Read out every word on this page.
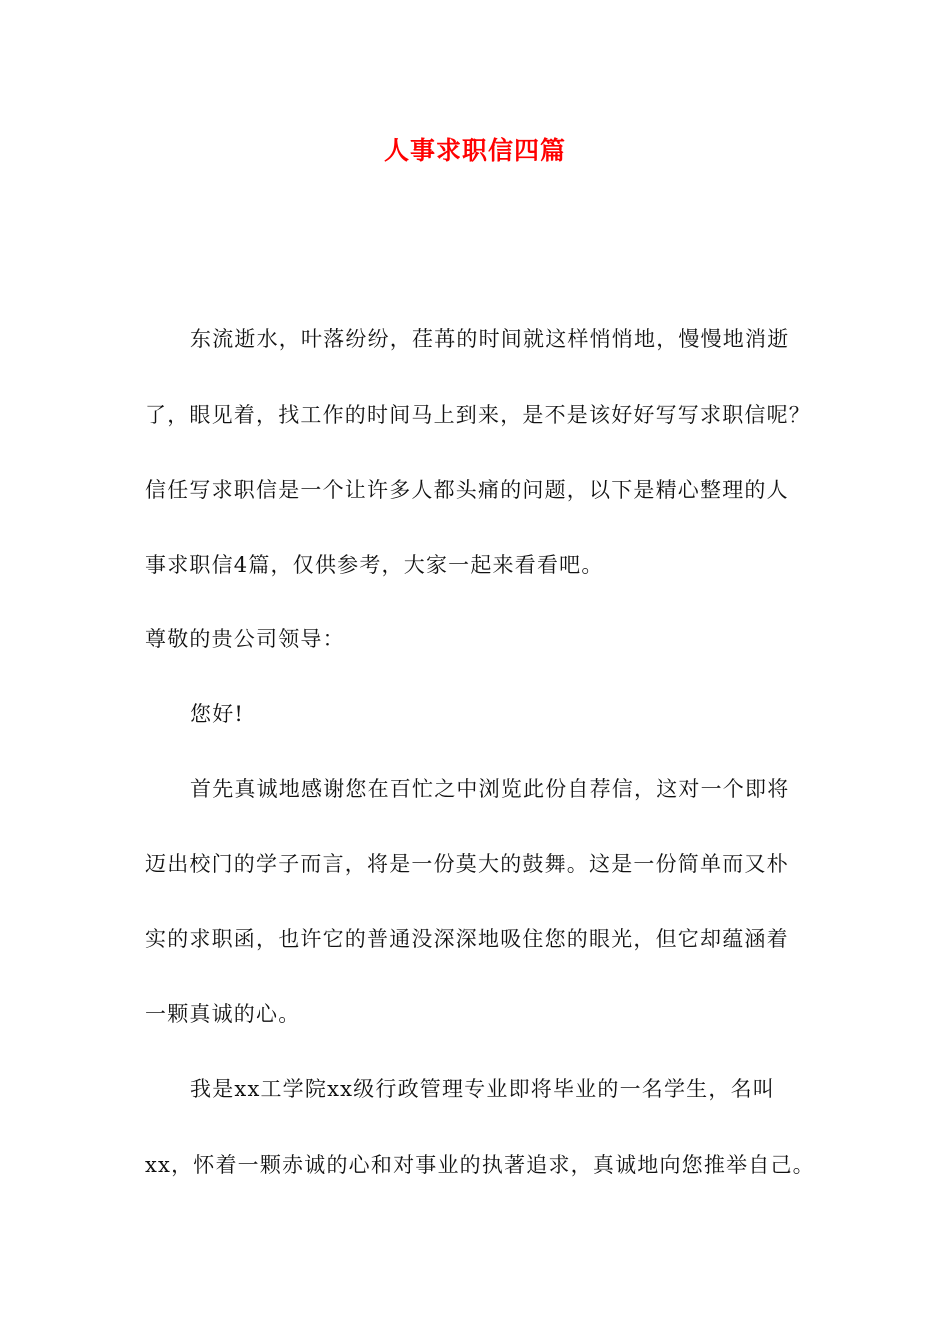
人事求职信四篇
东流逝水，叶落纷纷，荏苒的时间就这样悄悄地，慢慢地消逝
了，眼见着，找工作的时间马上到来，是不是该好好写写求职信呢？
信任写求职信是一个让许多人都头痛的问题，以下是精心整理的人
事求职信4篇，仅供参考，大家一起来看看吧。
尊敬的贵公司领导：
您好!
首先真诚地感谢您在百忙之中浏览此份自荐信，这对一个即将
迈出校门的学子而言，将是一份莫大的鼓舞。这是一份简单而又朴
实的求职函，也许它的普通没深深地吸住您的眼光，但它却蕴涵着
一颗真诚的心。
我是xx工学院xx级行政管理专业即将毕业的一名学生，名叫
xx，怀着一颗赤诚的心和对事业的执著追求，真诚地向您推举自己。
